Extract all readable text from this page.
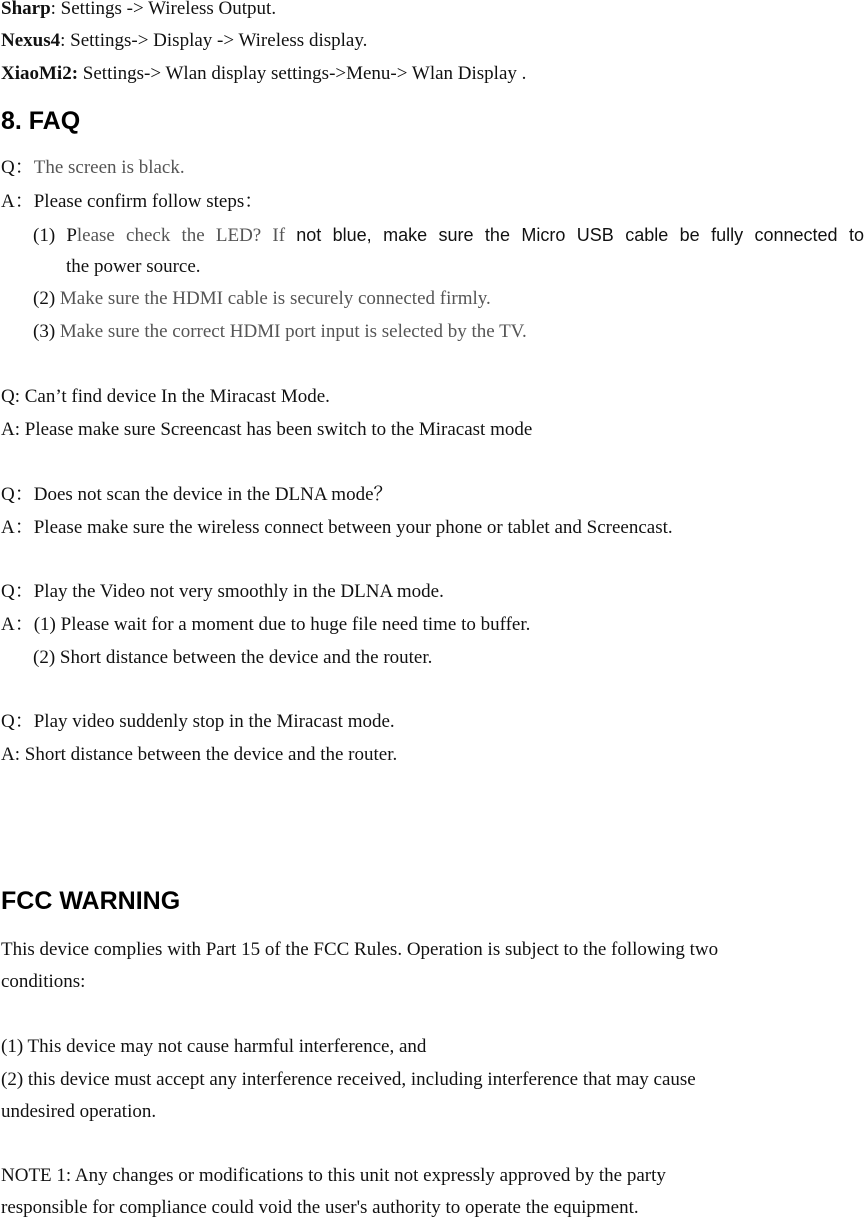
Sharp: Settings -> Wireless Output.
Nexus4: Settings-> Display -> Wireless display.
XiaoMi2: Settings-> Wlan display settings->Menu-> Wlan Display .
8. FAQ
Q：The screen is black.
A：Please confirm follow steps：
(1) Please check the LED? If not blue, make sure the Micro USB cable be fully connected to
the power source.
(2) Make sure the HDMI cable is securely connected firmly.
(3) Make sure the correct HDMI port input is selected by the TV.
Q: Can’t find device In the Miracast Mode.
A: Please make sure Screencast has been switch to the Miracast mode
Q：Does not scan the device in the DLNA mode？
A：Please make sure the wireless connect between your phone or tablet and Screencast.
Q：Play the Video not very smoothly in the DLNA mode.
A：(1) Please wait for a moment due to huge file need time to buffer.
(2) Short distance between the device and the router.
Q：Play video suddenly stop in the Miracast mode.
A: Short distance between the device and the router.
FCC WARNING
This device complies with Part 15 of the FCC Rules. Operation is subject to the following two
conditions:
(1) This device may not cause harmful interference, and
(2) this device must accept any interference received, including interference that may cause
undesired operation.
NOTE 1: Any changes or modifications to this unit not expressly approved by the party
responsible for compliance could void the user's authority to operate the equipment.
